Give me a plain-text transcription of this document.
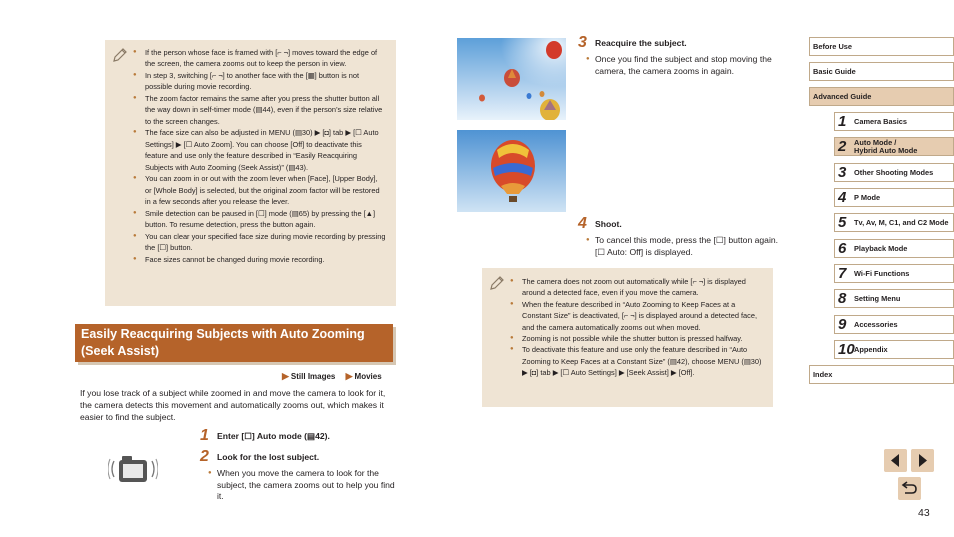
● If the person whose face is framed with [⌐ ¬] moves toward the edge of the screen, the camera zooms out to keep the person in view.
● In step 3, switching [⌐ ¬] to another face with the [▦] button is not possible during movie recording.
● The zoom factor remains the same after you press the shutter button all the way down in self-timer mode (▤44), even if the person’s size relative to the screen changes.
● The face size can also be adjusted in MENU (▤30) ▶ [◘] tab ▶ [☐ Auto Settings] ▶ [☐ Auto Zoom]. You can choose [Off] to deactivate this feature and use only the feature described in “Easily Reacquiring Subjects with Auto Zooming (Seek Assist)” (▤43).
● You can zoom in or out with the zoom lever when [Face], [Upper Body], or [Whole Body] is selected, but the original zoom factor will be restored in a few seconds after you release the lever.
● Smile detection can be paused in [☐] mode (▤65) by pressing the [▲] button. To resume detection, press the button again.
● You can clear your specified face size during movie recording by pressing the [☐] button.
● Face sizes cannot be changed during movie recording.
Easily Reacquiring Subjects with Auto Zooming (Seek Assist)
▶ Still Images ▶ Movies

If you lose track of a subject while zoomed in and move the camera to look for it, the camera detects this movement and automatically zooms out, which makes it easier to find the subject.

1 Enter [☐] Auto mode (▤42).
2 Look for the lost subject.

● When you move the camera to look for the subject, the camera zooms out to help you find it.

3 Reacquire the subject.

● Once you find the subject and stop moving the camera, the camera zooms in again.

4 Shoot.

● To cancel this mode, press the [☐] button again. [☐ Auto: Off] is displayed.

● The camera does not zoom out automatically while [⌐ ¬] is displayed around a detected face, even if you move the camera.
● When the feature described in “Auto Zooming to Keep Faces at a Constant Size” is deactivated, [⌐ ¬] is displayed around a detected face, and the camera automatically zooms out when moved.
● Zooming is not possible while the shutter button is pressed halfway.
● To deactivate this feature and use only the feature described in “Auto Zooming to Keep Faces at a Constant Size” (▤42), choose MENU (▤30) ▶ [◘] tab ▶ [☐ Auto Settings] ▶ [Seek Assist] ▶ [Off].
Before Use
Basic Guide
Advanced Guide
1 Camera Basics
2 Auto Mode /
Hybrid Auto Mode
3 Other Shooting Modes
4 P Mode
5 Tv, Av, M, C1, and C2 Mode
6 Playback Mode
7 Wi-Fi Functions
8 Setting Menu
9 Accessories
10 Appendix
Index
43
